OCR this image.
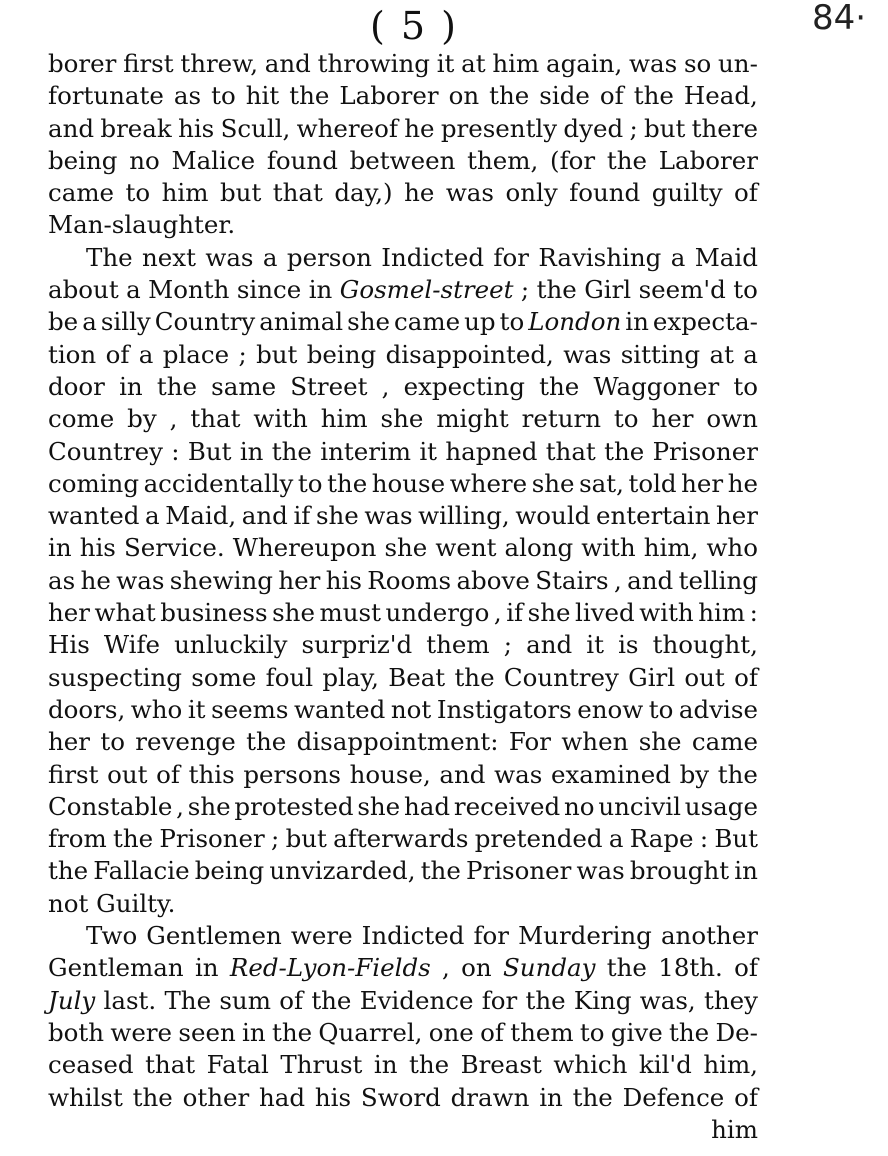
( 5 )	84·
borer first threw, and throwing it at him again, was so un-
fortunate as to hit the Laborer on the side of the Head,
and break his Scull, whereof he presently dyed ; but there
being no Malice found between them, (for the Laborer
came to him but that day,) he was only found guilty of
Man-slaughter.
The next was a person Indicted for Ravishing a Maid
about a Month since in Gosmel-street ; the Girl seem'd to
be a silly Country animal she came up to London in expecta-
tion of a place ; but being disappointed, was sitting at a
door in the same Street , expecting the Waggoner to
come by , that with him she might return to her own
Countrey : But in the interim it hapned that the Prisoner
coming accidentally to the house where she sat, told her he
wanted a Maid, and if she was willing, would entertain her
in his Service. Whereupon she went along with him, who
as he was shewing her his Rooms above Stairs , and telling
her what business she must undergo , if she lived with him :
His Wife unluckily surpriz'd them ; and it is thought,
suspecting some foul play, Beat the Countrey Girl out of
doors, who it seems wanted not Instigators enow to advise
her to revenge the disappointment: For when she came
first out of this persons house, and was examined by the
Constable , she protested she had received no uncivil usage
from the Prisoner ; but afterwards pretended a Rape : But
the Fallacie being unvizarded, the Prisoner was brought in
not Guilty.
Two Gentlemen were Indicted for Murdering another
Gentleman in Red-Lyon-Fields , on Sunday the 18th. of
July last. The sum of the Evidence for the King was, they
both were seen in the Quarrel, one of them to give the De-
ceased that Fatal Thrust in the Breast which kil'd him,
whilst the other had his Sword drawn in the Defence of
him
